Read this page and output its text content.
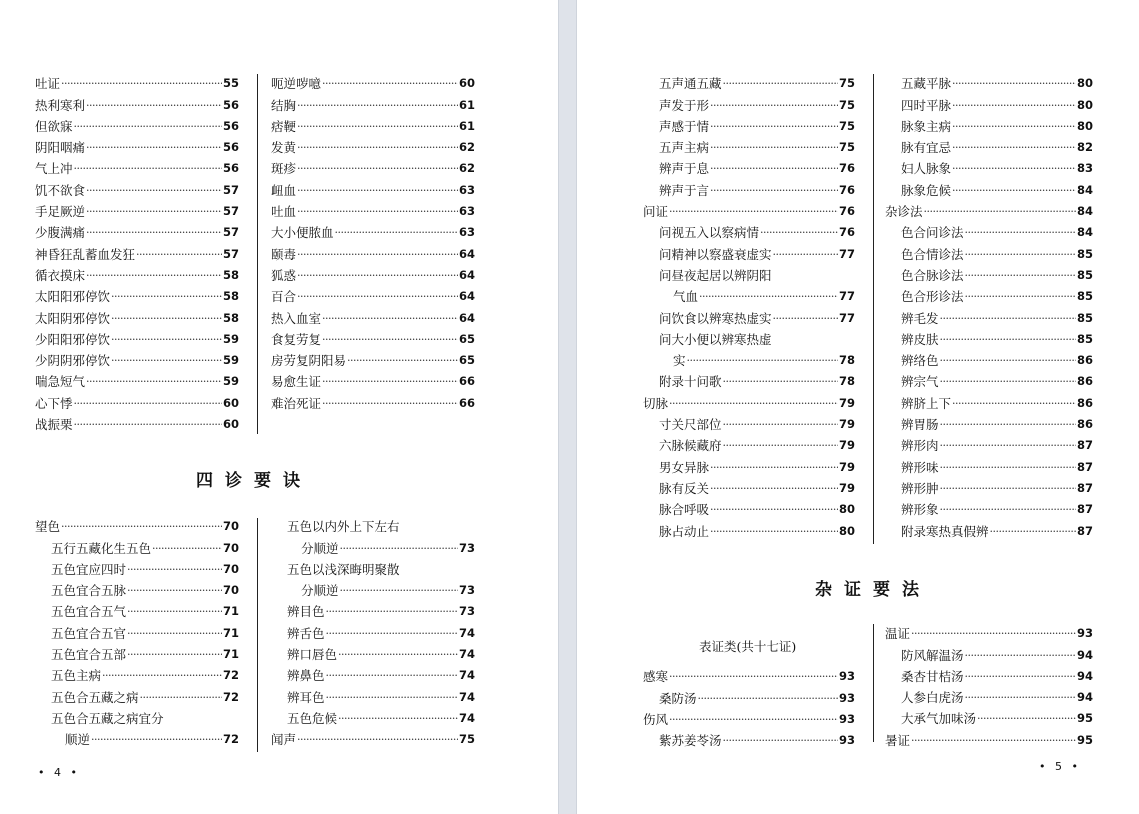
吐证 ·····	55
热利寒利 ·····	56
但欲寐 ·····	56
阴阳咽痛 ·····	56
气上冲 ·····	56
饥不欲食 ·····	57
手足厥逆 ·····	57
少腹满痛 ·····	57
神昏狂乱蓄血发狂 ·····	57
循衣摸床 ·····	58
太阳阳邪停饮 ·····	58
太阳阴邪停饮 ·····	58
少阳阳邪停饮 ·····	59
少阴阴邪停饮 ·····	59
喘急短气 ·····	59
心下悸 ·····	60
战振栗 ·····	60
呃逆哕噫 ·····	60
结胸 ·····	61
痞鞕 ·····	61
发黄 ·····	62
斑疹 ·····	62
衄血 ·····	63
吐血 ·····	63
大小便脓血 ·····	63
颐毒 ·····	64
狐惑 ·····	64
百合 ·····	64
热入血室 ·····	64
食复劳复 ·····	65
房劳复阴阳易 ·····	65
易愈生证 ·····	66
难治死证 ·····	66
四诊要诀
望色 ·····	70
五行五藏化生五色 ·····	70
五色宜应四时 ·····	70
五色宜合五脉 ·····	70
五色宜合五气 ·····	71
五色宜合五官 ·····	71
五色宜合五部 ·····	71
五色主病 ·····	72
五色合五藏之病 ·····	72
五色合五藏之病宜分
顺逆 ·····	72
五色以内外上下左右
分顺逆 ·····	73
五色以浅深晦明聚散
分顺逆 ·····	73
辨目色 ·····	73
辨舌色 ·····	74
辨口唇色 ·····	74
辨鼻色 ·····	74
辨耳色 ·····	74
五色危候 ·····	74
闻声 ·····	75
• 4 •
五声通五藏 ·····	75
声发于形 ·····	75
声感于情 ·····	75
五声主病 ·····	75
辨声于息 ·····	76
辨声于言 ·····	76
问证 ·····	76
问视五入以察病情 ·····	76
问精神以察盛衰虚实 ·····	77
问昼夜起居以辨阴阳
气血 ·····	77
问饮食以辨寒热虚实 ·····	77
问大小便以辨寒热虚
实 ·····	78
附录十问歌 ·····	78
切脉 ·····	79
寸关尺部位 ·····	79
六脉候藏府 ·····	79
男女异脉 ·····	79
脉有反关 ·····	79
脉合呼吸 ·····	80
脉占动止 ·····	80
五藏平脉 ·····	80
四时平脉 ·····	80
脉象主病 ·····	80
脉有宜忌 ·····	82
妇人脉象 ·····	83
脉象危候 ·····	84
杂诊法 ·····	84
色合问诊法 ·····	84
色合情诊法 ·····	85
色合脉诊法 ·····	85
色合形诊法 ·····	85
辨毛发 ·····	85
辨皮肤 ·····	85
辨络色 ·····	86
辨宗气 ·····	86
辨脐上下 ·····	86
辨胃肠 ·····	86
辨形肉 ·····	87
辨形味 ·····	87
辨形肿 ·····	87
辨形象 ·····	87
附录寒热真假辨 ·····	87
杂证要法
表证类(共十七证)
感寒 ·····	93
桑防汤 ·····	93
伤风 ·····	93
紫苏姜苓汤 ·····	93
温证 ·····	93
防风解温汤 ·····	94
桑杏甘桔汤 ·····	94
人参白虎汤 ·····	94
大承气加味汤 ·····	95
暑证 ·····	95
• 5 •
